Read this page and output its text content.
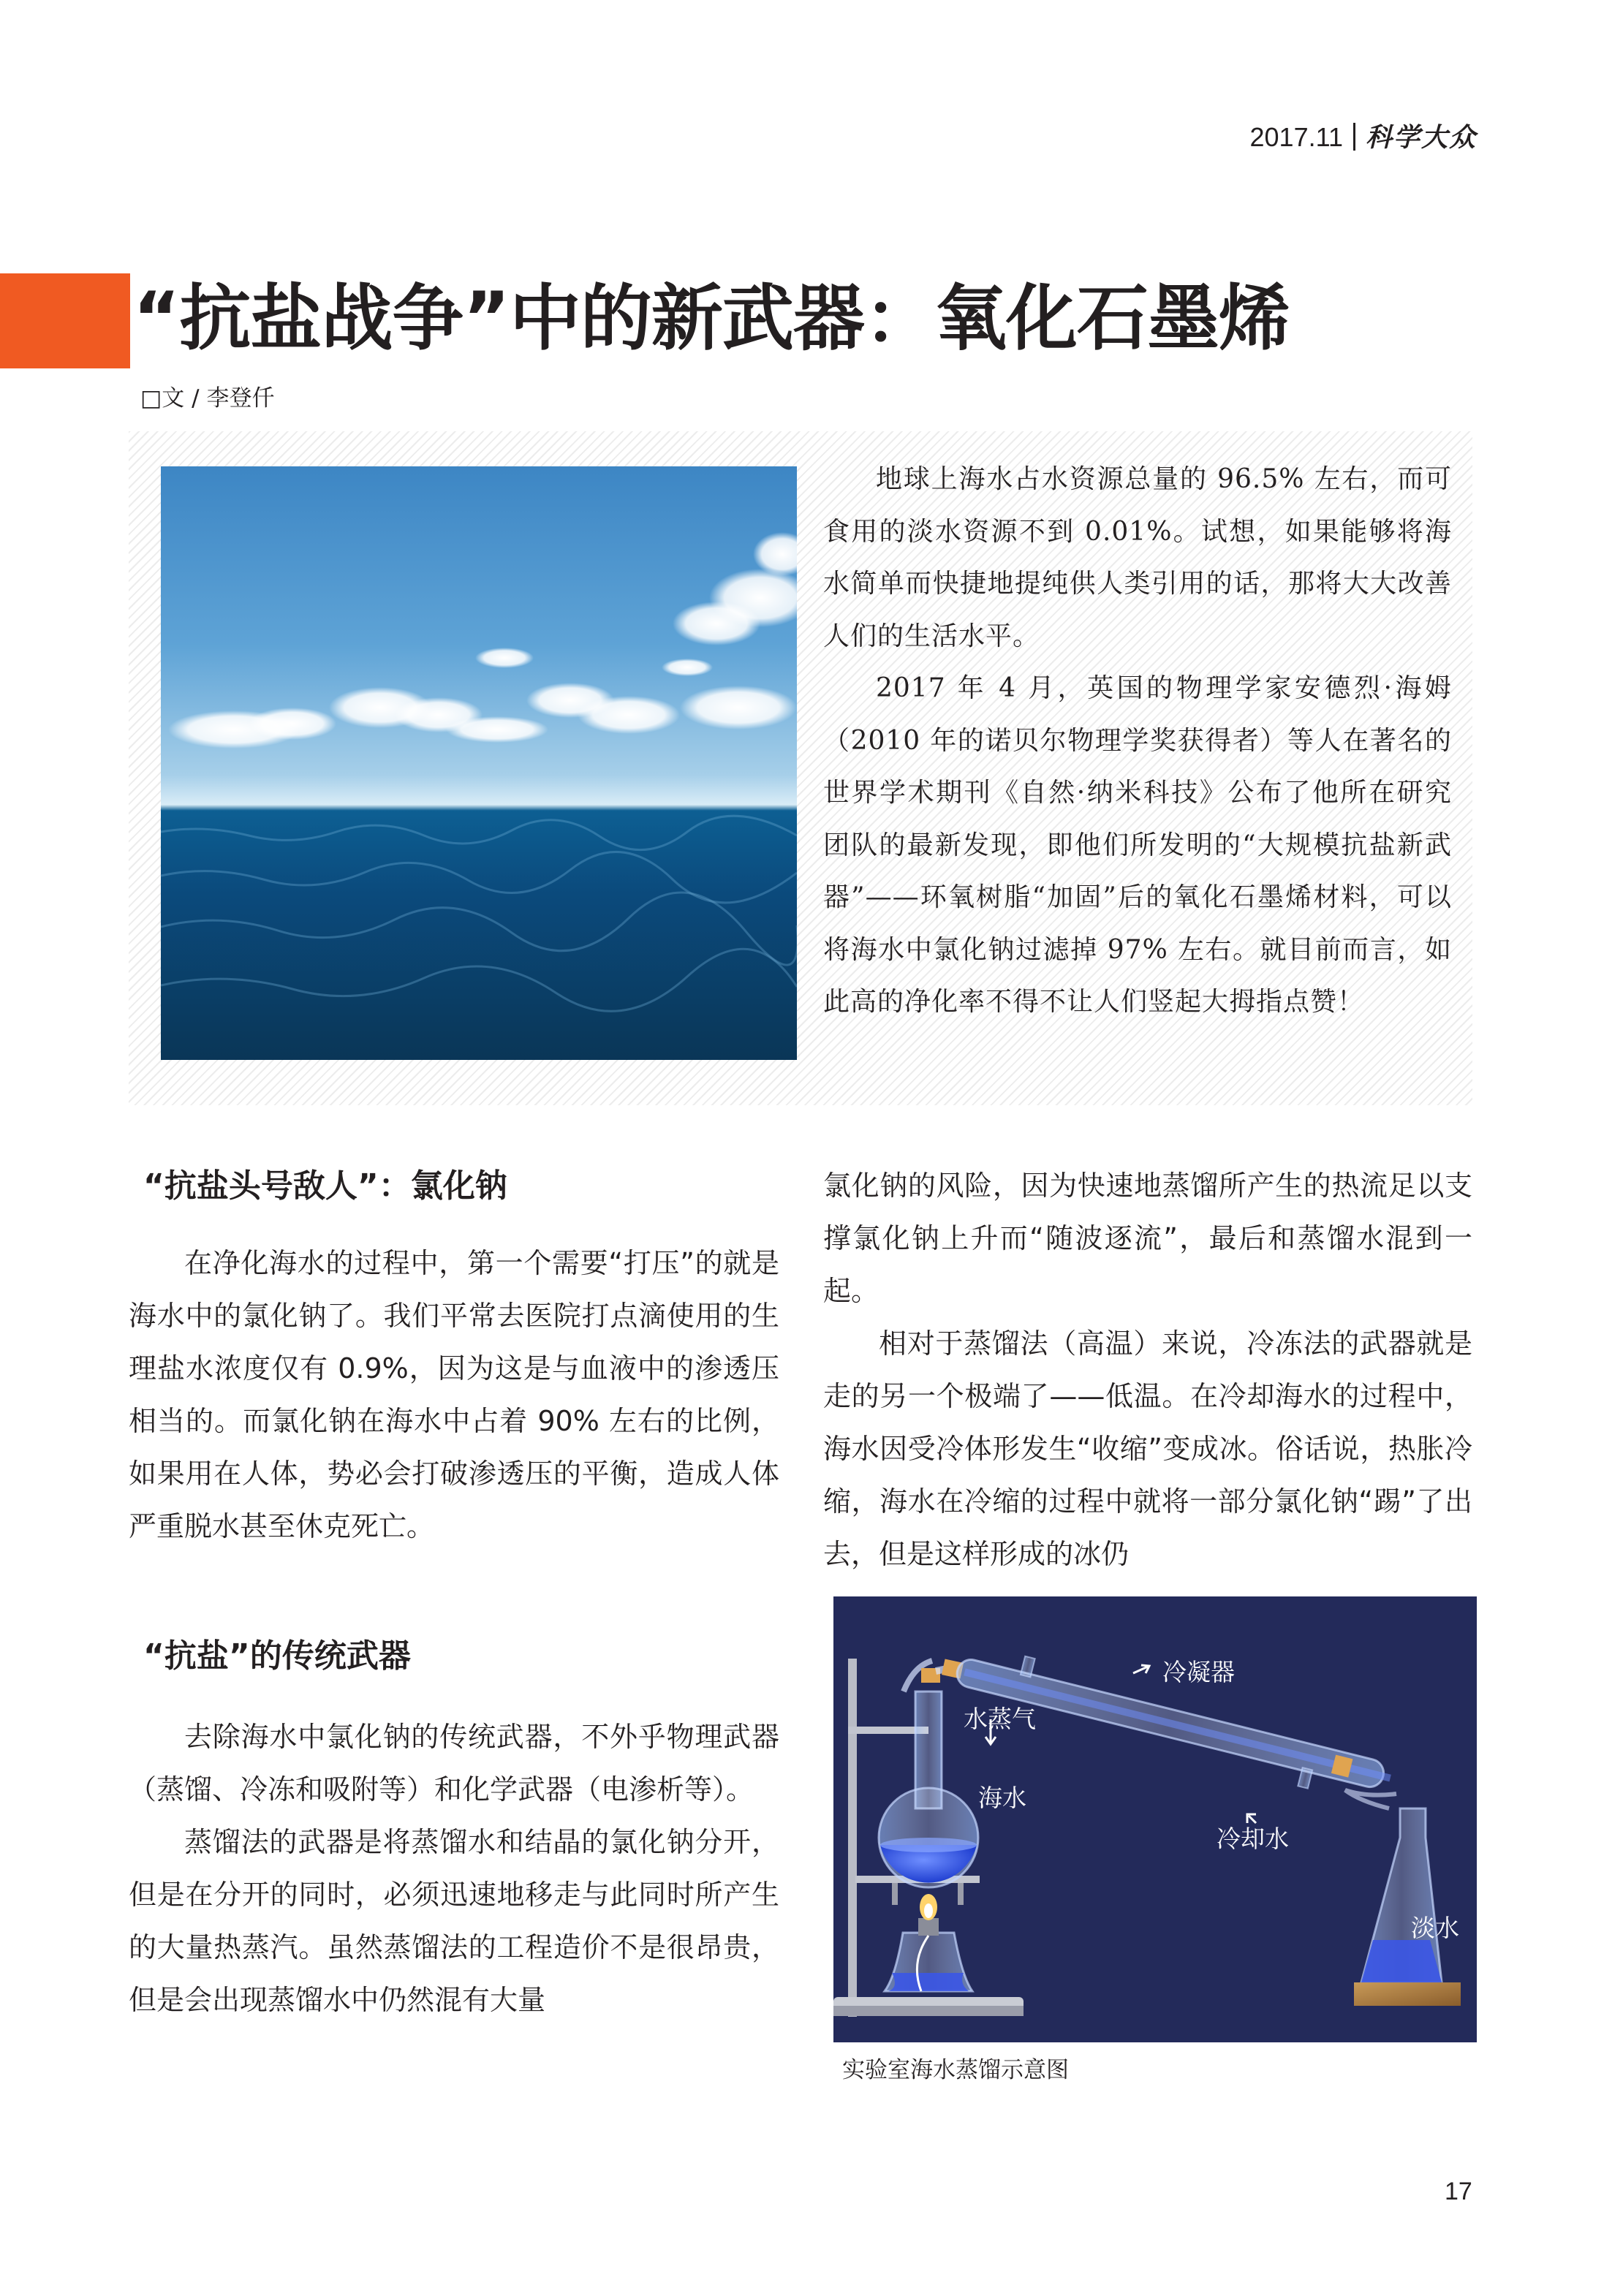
2017.11 科学大众
“抗盐战争”中的新武器：氧化石墨烯
□文 / 李登仟

地球上海水占水资源总量的 96.5% 左右，而可食用的淡水资源不到 0.01%。试想，如果能够将海水简单而快捷地提纯供人类引用的话，那将大大改善人们的生活水平。

2017 年 4 月，英国的物理学家安德烈·海姆（2010 年的诺贝尔物理学奖获得者）等人在著名的世界学术期刊《自然·纳米科技》公布了他所在研究团队的最新发现，即他们所发明的“大规模抗盐新武器”——环氧树脂“加固”后的氧化石墨烯材料，可以将海水中氯化钠过滤掉 97% 左右。就目前而言，如此高的净化率不得不让人们竖起大拇指点赞！

“抗盐头号敌人”：氯化钠

在净化海水的过程中，第一个需要“打压”的就是海水中的氯化钠了。我们平常去医院打点滴使用的生理盐水浓度仅有 0.9%，因为这是与血液中的渗透压相当的。而氯化钠在海水中占着 90% 左右的比例，如果用在人体，势必会打破渗透压的平衡，造成人体严重脱水甚至休克死亡。

“抗盐”的传统武器

去除海水中氯化钠的传统武器，不外乎物理武器（蒸馏、冷冻和吸附等）和化学武器（电渗析等）。

蒸馏法的武器是将蒸馏水和结晶的氯化钠分开，但是在分开的同时，必须迅速地移走与此同时所产生的大量热蒸汽。虽然蒸馏法的工程造价不是很昂贵，但是会出现蒸馏水中仍然混有大量

氯化钠的风险，因为快速地蒸馏所产生的热流足以支撑氯化钠上升而“随波逐流”，最后和蒸馏水混到一起。

相对于蒸馏法（高温）来说，冷冻法的武器就是走的另一个极端了——低温。在冷却海水的过程中，海水因受冷体形发生“收缩”变成冰。俗话说，热胀冷缩，海水在冷缩的过程中就将一部分氯化钠“踢”了出去，但是这样形成的冰仍

冷凝器
水蒸气
海水
冷却水
淡水
实验室海水蒸馏示意图
17
